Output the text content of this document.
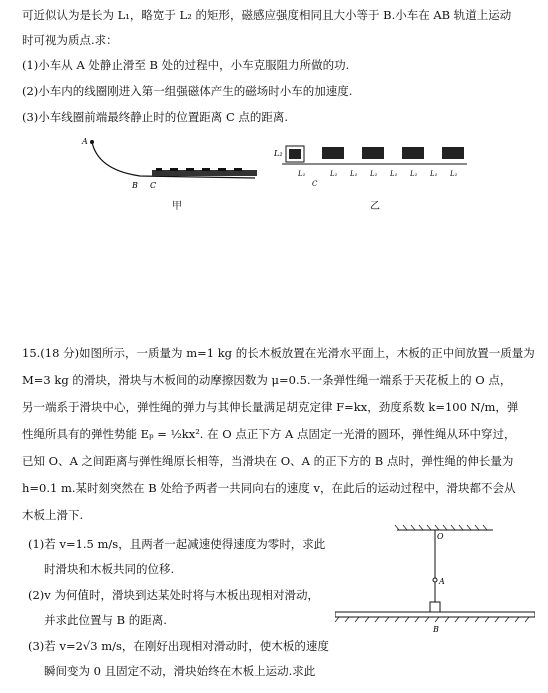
可近似认为是长为 L₁，略宽于 L₂ 的矩形，磁感应强度相同且大小等于 B.小车在 AB 轨道上运动
时可视为质点.求：
(1)小车从 A 处静止滑至 B 处的过程中，小车克服阻力所做的功.
(2)小车内的线圈刚进入第一组强磁体产生的磁场时小车的加速度.
(3)小车线圈前端最终静止时的位置距离 C 点的距离.
A
B C
甲
L₂
L₁	L₁ L₁ L₁ L₁ L₁ L₁ L₁
C
乙
15.(18 分)如图所示，一质量为 m=1 kg 的长木板放置在光滑水平面上，木板的正中间放置一质量为
M=3 kg 的滑块，滑块与木板间的动摩擦因数为 μ=0.5.一条弹性绳一端系于天花板上的 O 点，
另一端系于滑块中心，弹性绳的弹力与其伸长量满足胡克定律 F=kx，劲度系数 k=100 N/m，弹
性绳所具有的弹性势能 Eₚ = ½kx². 在 O 点正下方 A 点固定一光滑的圆环，弹性绳从环中穿过，
已知 O、A 之间距离与弹性绳原长相等，当滑块在 O、A 的正下方的 B 点时，弹性绳的伸长量为
h=0.1 m.某时刻突然在 B 处给予两者一共同向右的速度 v，在此后的运动过程中，滑块都不会从
木板上滑下.
(1)若 v=1.5 m/s，且两者一起减速使得速度为零时，求此
时滑块和木板共同的位移.
(2)v 为何值时，滑块到达某处时将与木板出现相对滑动，
并求此位置与 B 的距离.
(3)若 v=2√3 m/s，在刚好出现相对滑动时，使木板的速度
瞬间变为 0 且固定不动，滑块始终在木板上运动.求此
O
A
B
